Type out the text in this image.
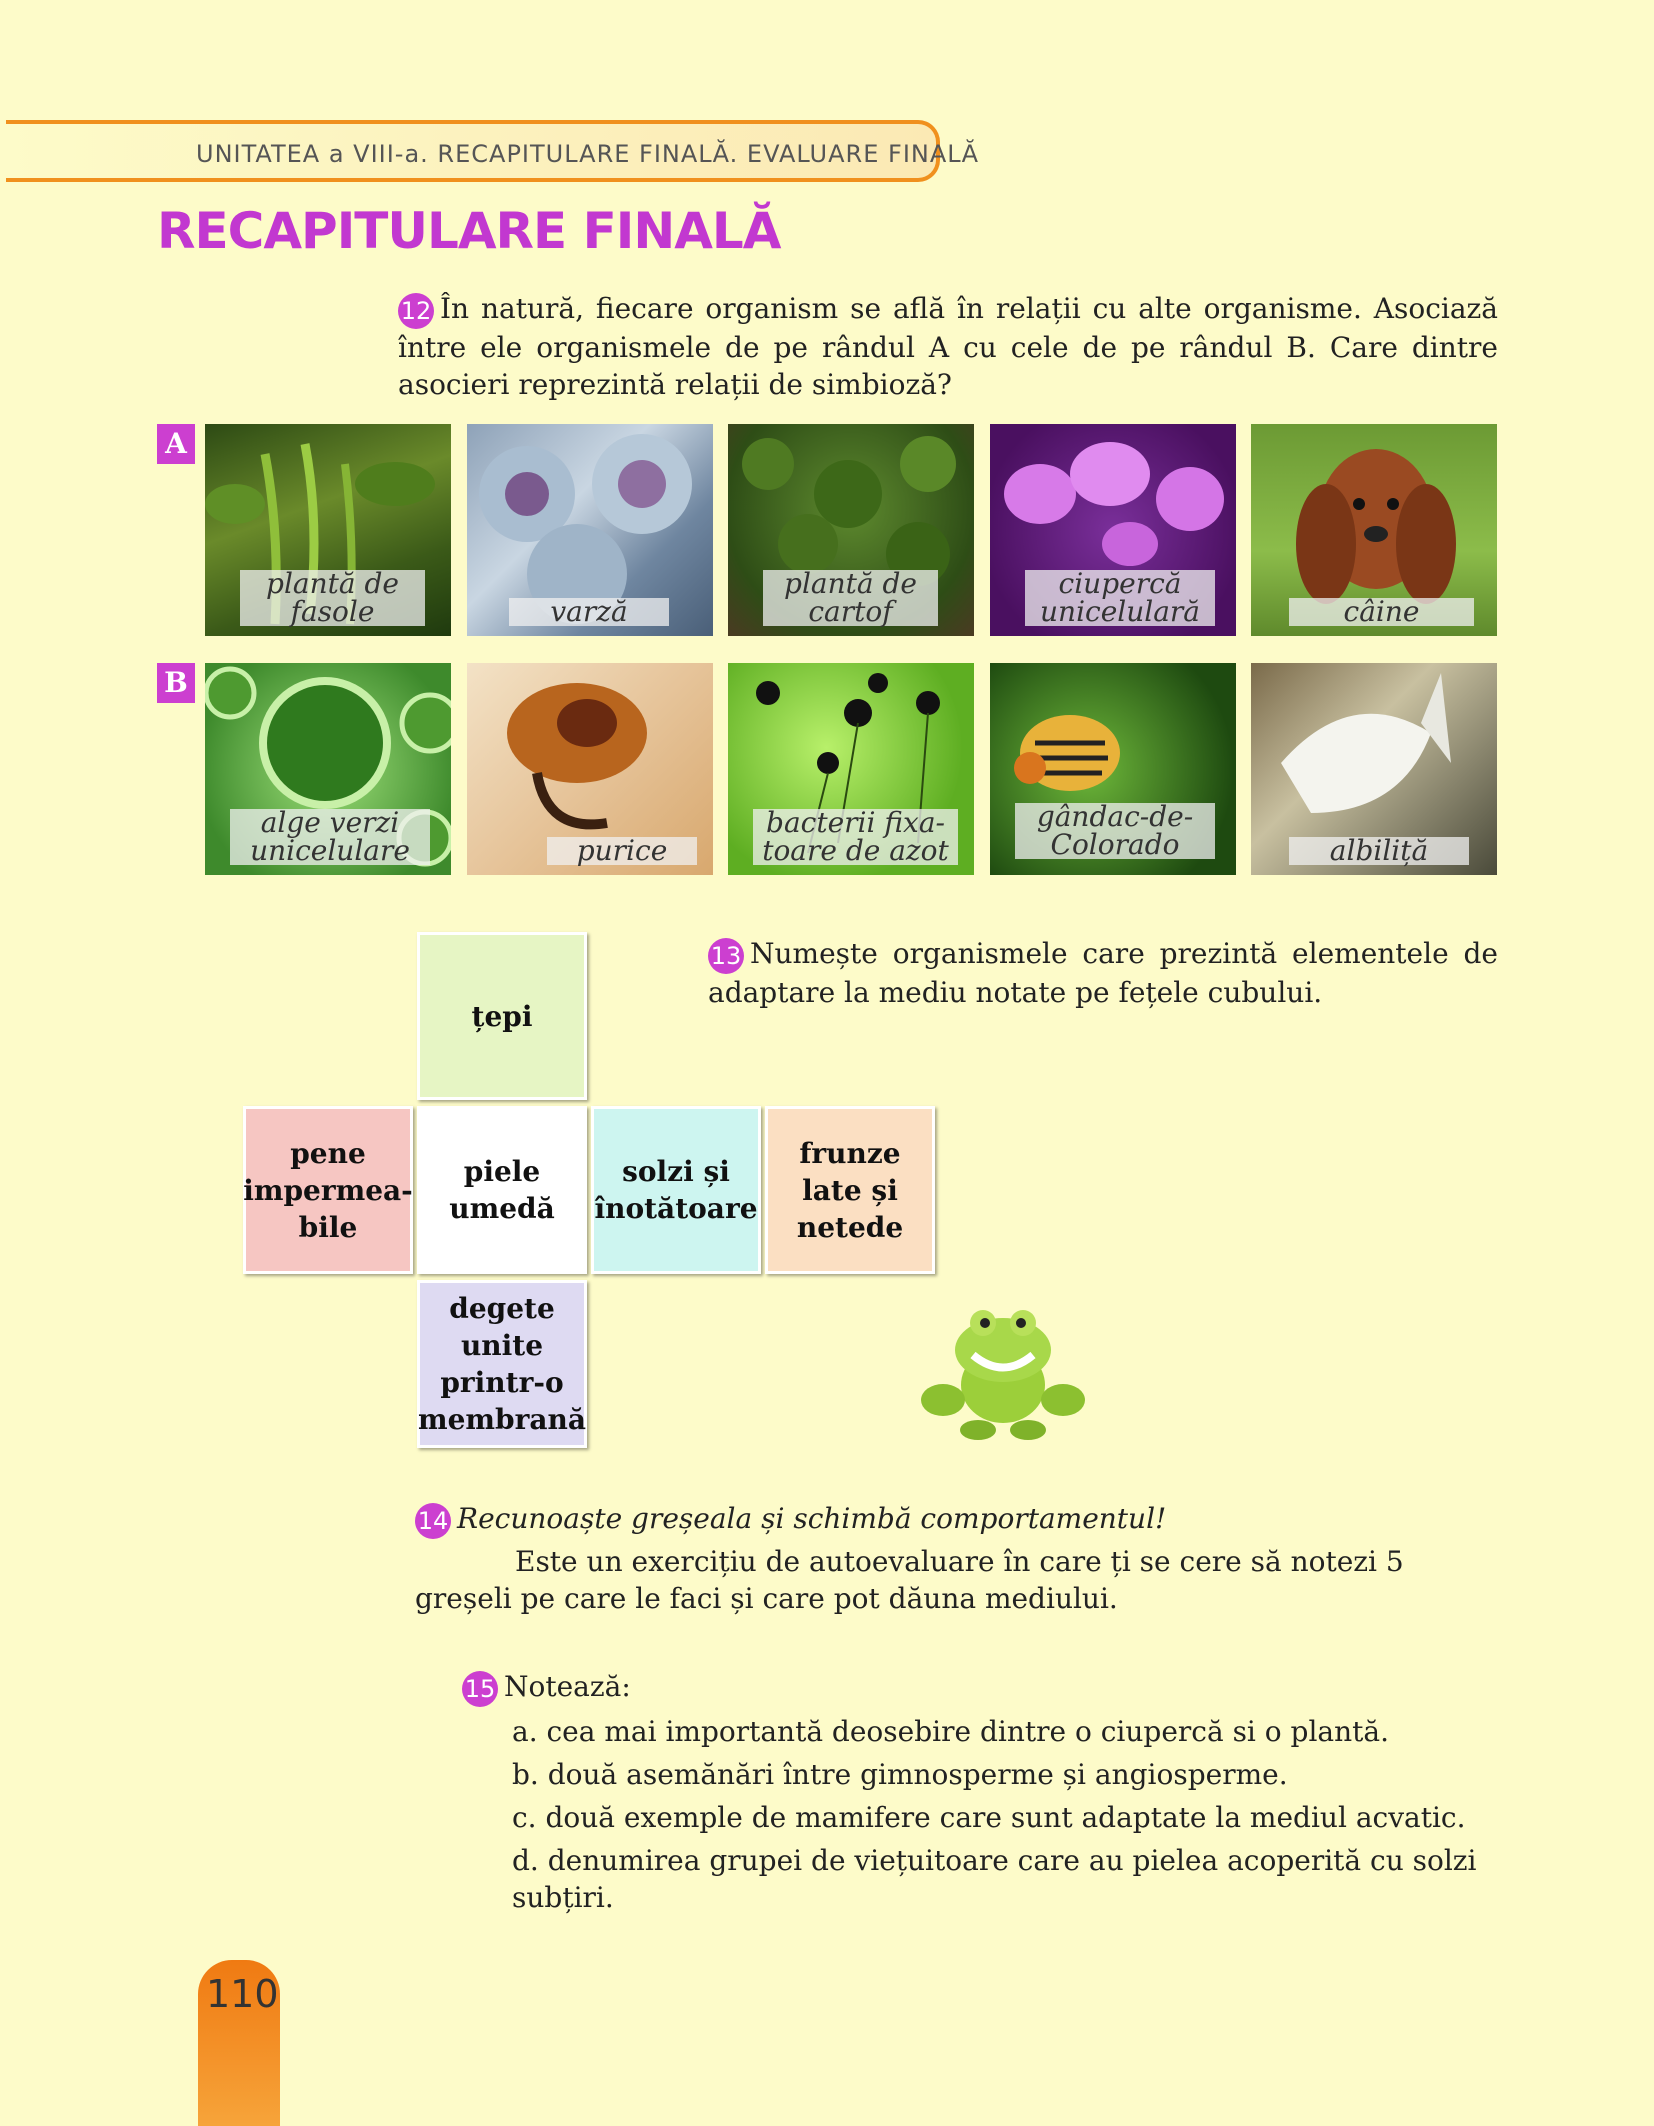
UNITATEA a VIII-a. RECAPITULARE FINALĂ. EVALUARE FINALĂ
RECAPITULARE FINALĂ
12 În natură, fiecare organism se află în relații cu alte organisme. Asociază între ele organismele de pe rândul A cu cele de pe rândul B. Care dintre asocieri reprezintă relații de simbioză?
A
plantă de fasole	varză
plantă de cartof
ciupercă unicelulară	câine
B
alge verzi unicelulare	purice
bacterii fixa-toare de azot
gândac-de-Colorado	albiliță
țepi
pene impermea-bile
piele umedă
solzi și înotătoare
frunze late și netede
degete unite printr-o membrană
13 Numește organismele care prezintă elementele de adaptare la mediu notate pe fețele cubului.
14 Recunoaște greșeala și schimbă comportamentul!
Este un exercițiu de autoevaluare în care ți se cere să notezi 5 greșeli pe care le faci și care pot dăuna mediului.
15 Notează:
a. cea mai importantă deosebire dintre o ciupercă si o plantă.
b. două asemănări între gimnosperme și angiosperme.
c. două exemple de mamifere care sunt adaptate la mediul acvatic.
d. denumirea grupei de viețuitoare care au pielea acoperită cu solzi subțiri.
110
